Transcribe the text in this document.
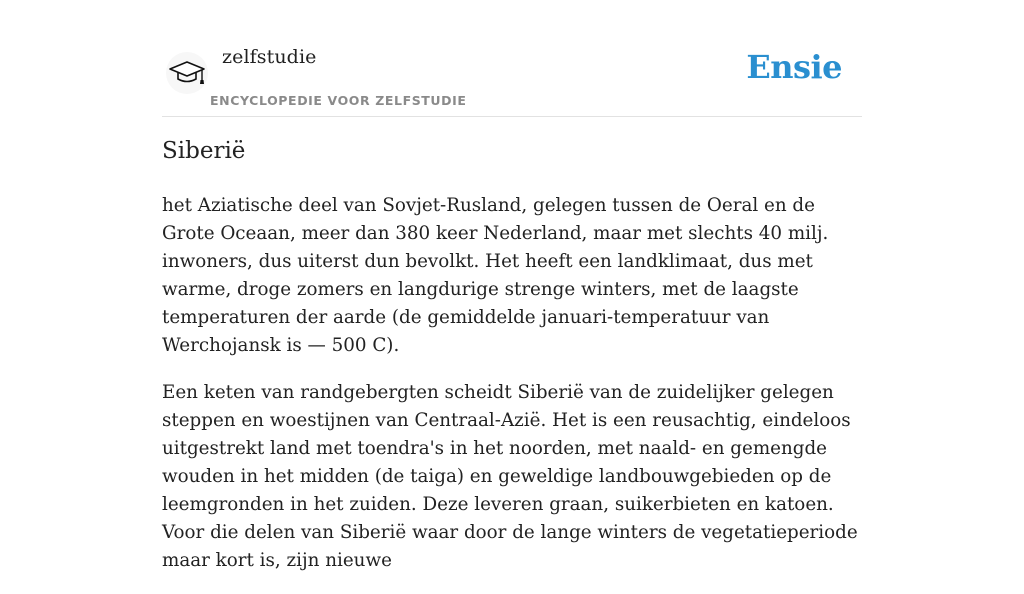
zelfstudie
ENCYCLOPEDIE VOOR ZELFSTUDIE
Ensie
Siberië

het Aziatische deel van Sovjet-Rusland, gelegen tussen de Oeral en de Grote Oceaan, meer dan 380 keer Nederland, maar met slechts 40 milj. inwoners, dus uiterst dun bevolkt. Het heeft een landklimaat, dus met warme, droge zomers en langdurige strenge winters, met de laagste temperaturen der aarde (de gemiddelde januari-temperatuur van Werchojansk is — 500 C).

Een keten van randgebergten scheidt Siberië van de zuidelijker gelegen steppen en woestijnen van Centraal-Azië. Het is een reusachtig, eindeloos uitgestrekt land met toendra's in het noorden, met naald- en gemengde wouden in het midden (de taiga) en geweldige landbouwgebieden op de leemgronden in het zuiden. Deze leveren graan, suikerbieten en katoen. Voor die delen van Siberië waar door de lange winters de vegetatieperiode maar kort is, zijn nieuwe
